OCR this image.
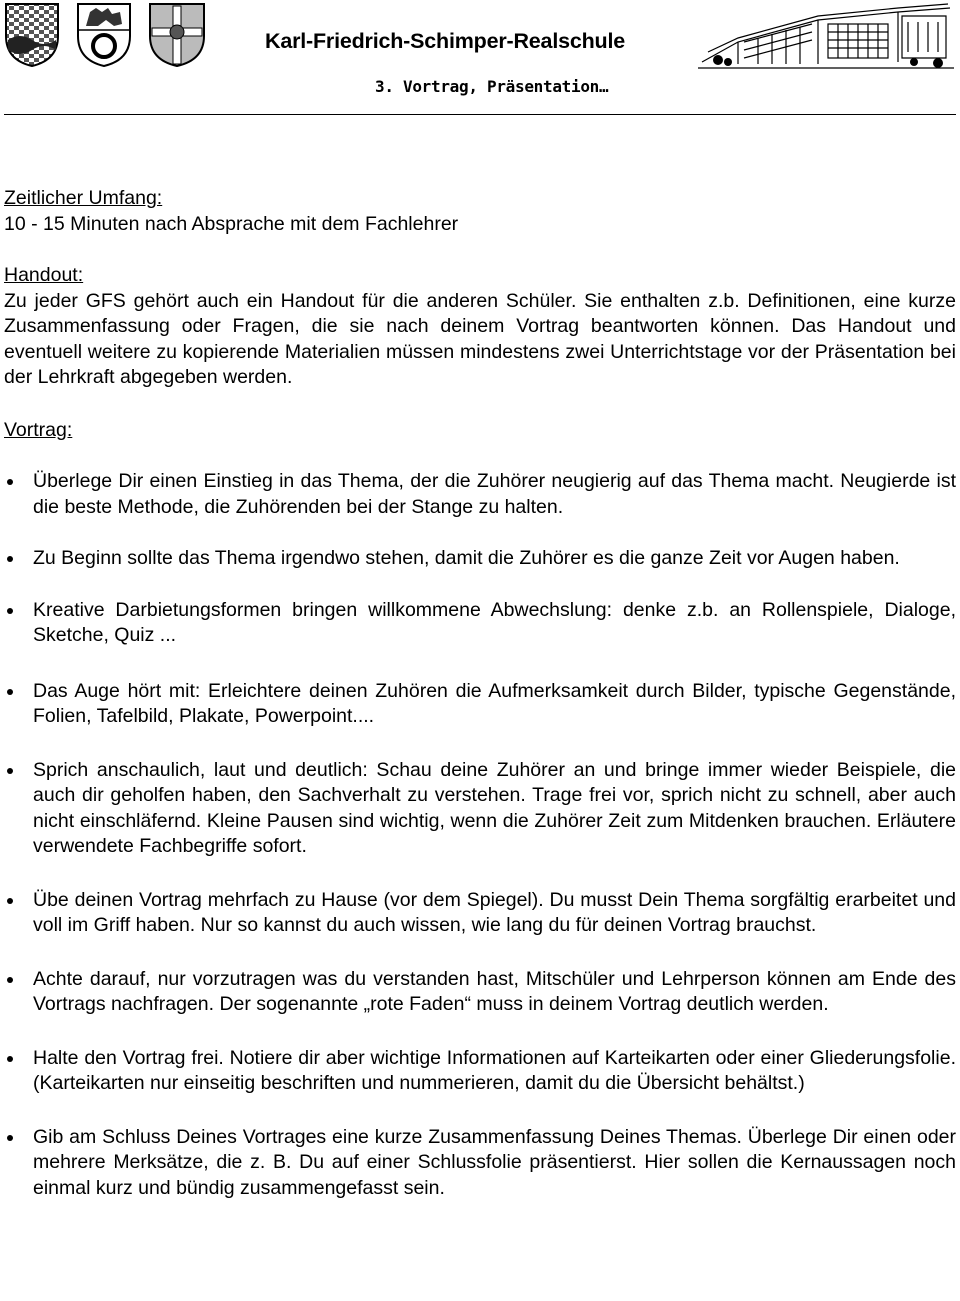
Karl-Friedrich-Schimper-Realschule
3. Vortrag, Präsentation…
Zeitlicher Umfang:

10 - 15 Minuten nach Absprache mit dem Fachlehrer

Handout:

Zu jeder GFS gehört auch ein Handout für die anderen Schüler. Sie enthalten z.b. Definitionen, eine kurze Zusammenfassung oder Fragen, die sie nach deinem Vortrag beantworten können. Das Handout und eventuell weitere zu kopierende Materialien müssen mindestens zwei Unterrichtstage vor der Präsentation bei der Lehrkraft abgegeben werden.

Vortrag:
Überlege Dir einen Einstieg in das Thema, der die Zuhörer neugierig auf das Thema macht. Neugierde ist die beste Methode, die Zuhörenden bei der Stange zu halten.
Zu Beginn sollte das Thema irgendwo stehen, damit die Zuhörer es die ganze Zeit vor Augen haben.
Kreative Darbietungsformen bringen willkommene Abwechslung: denke z.b. an Rollenspiele, Dialoge, Sketche, Quiz ...
Das Auge hört mit: Erleichtere deinen Zuhören die Aufmerksamkeit durch Bilder, typische Gegenstände, Folien, Tafelbild, Plakate, Powerpoint....
Sprich anschaulich, laut und deutlich: Schau deine Zuhörer an und bringe immer wieder Beispiele, die auch dir geholfen haben, den Sachverhalt zu verstehen. Trage frei vor, sprich nicht zu schnell, aber auch nicht einschläfernd. Kleine Pausen sind wichtig, wenn die Zuhörer Zeit zum Mitdenken brauchen. Erläutere verwendete Fachbegriffe sofort.
Übe deinen Vortrag mehrfach zu Hause (vor dem Spiegel). Du musst Dein Thema sorgfältig erarbeitet und voll im Griff haben. Nur so kannst du auch wissen, wie lang du für deinen Vortrag brauchst.
Achte darauf, nur vorzutragen was du verstanden hast, Mitschüler und Lehrperson können am Ende des Vortrags nachfragen. Der sogenannte „rote Faden“ muss in deinem Vortrag deutlich werden.
Halte den Vortrag frei. Notiere dir aber wichtige Informationen auf Karteikarten oder einer Gliederungsfolie. (Karteikarten nur einseitig beschriften und nummerieren, damit du die Übersicht behältst.)
Gib am Schluss Deines Vortrages eine kurze Zusammenfassung Deines Themas. Überlege Dir einen oder mehrere Merksätze, die z. B. Du auf einer Schlussfolie präsentierst. Hier sollen die Kernaussagen noch einmal kurz und bündig zusammengefasst sein.
